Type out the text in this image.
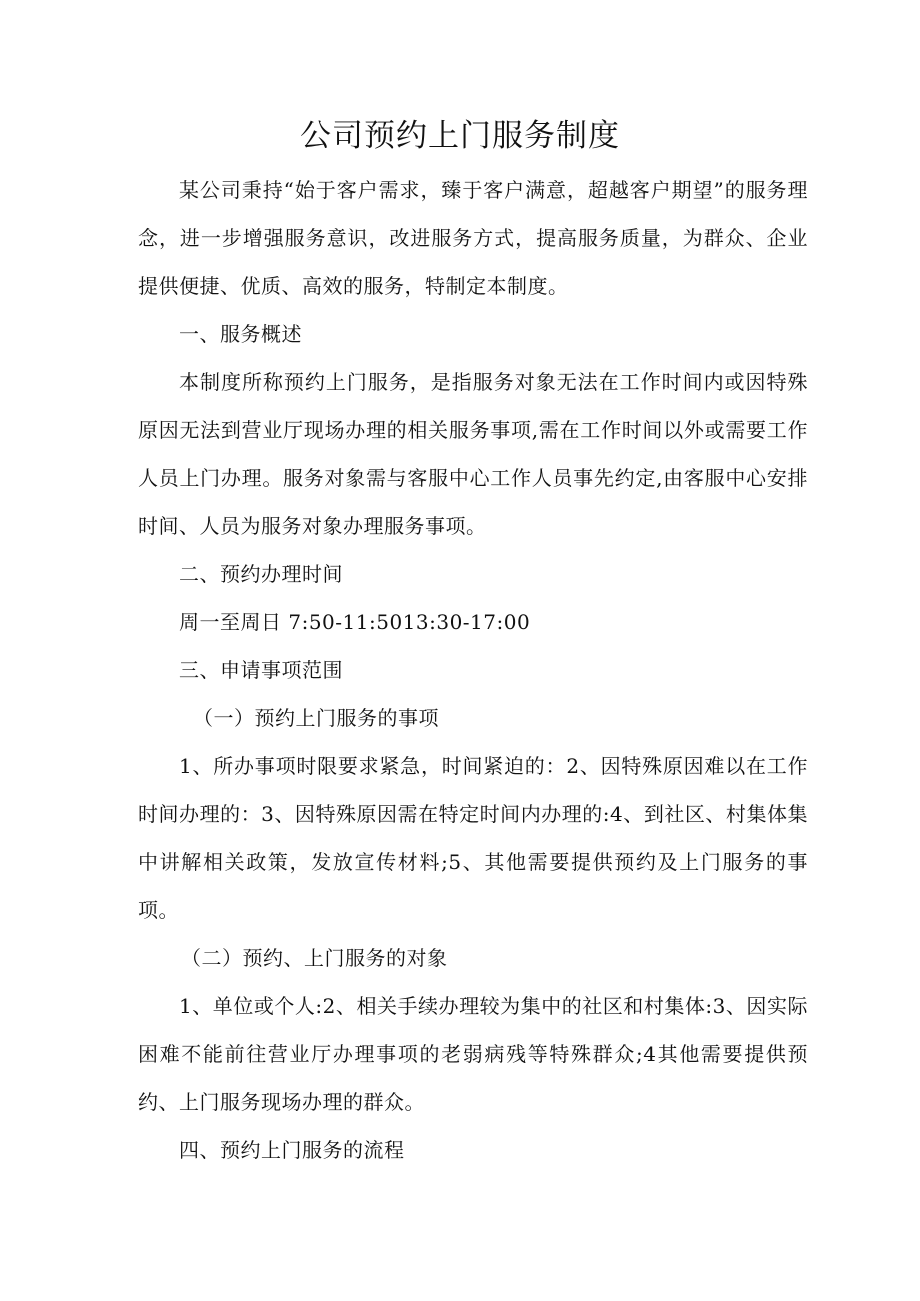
公司预约上门服务制度

某公司秉持“始于客户需求，臻于客户满意，超越客户期望”的服务理念，进一步增强服务意识，改进服务方式，提高服务质量，为群众、企业提供便捷、优质、高效的服务，特制定本制度。

一、服务概述

本制度所称预约上门服务，是指服务对象无法在工作时间内或因特殊原因无法到营业厅现场办理的相关服务事项,需在工作时间以外或需要工作人员上门办理。服务对象需与客服中心工作人员事先约定,由客服中心安排时间、人员为服务对象办理服务事项。

二、预约办理时间

周一至周日 7:50-11:5013:30-17:00

三、申请事项范围

（一）预约上门服务的事项

1、所办事项时限要求紧急，时间紧迫的：2、因特殊原因难以在工作时间办理的：3、因特殊原因需在特定时间内办理的:4、到社区、村集体集中讲解相关政策，发放宣传材料;5、其他需要提供预约及上门服务的事项。

（二）预约、上门服务的对象

1、单位或个人:2、相关手续办理较为集中的社区和村集体:3、因实际困难不能前往营业厅办理事项的老弱病残等特殊群众;4其他需要提供预约、上门服务现场办理的群众。

四、预约上门服务的流程
